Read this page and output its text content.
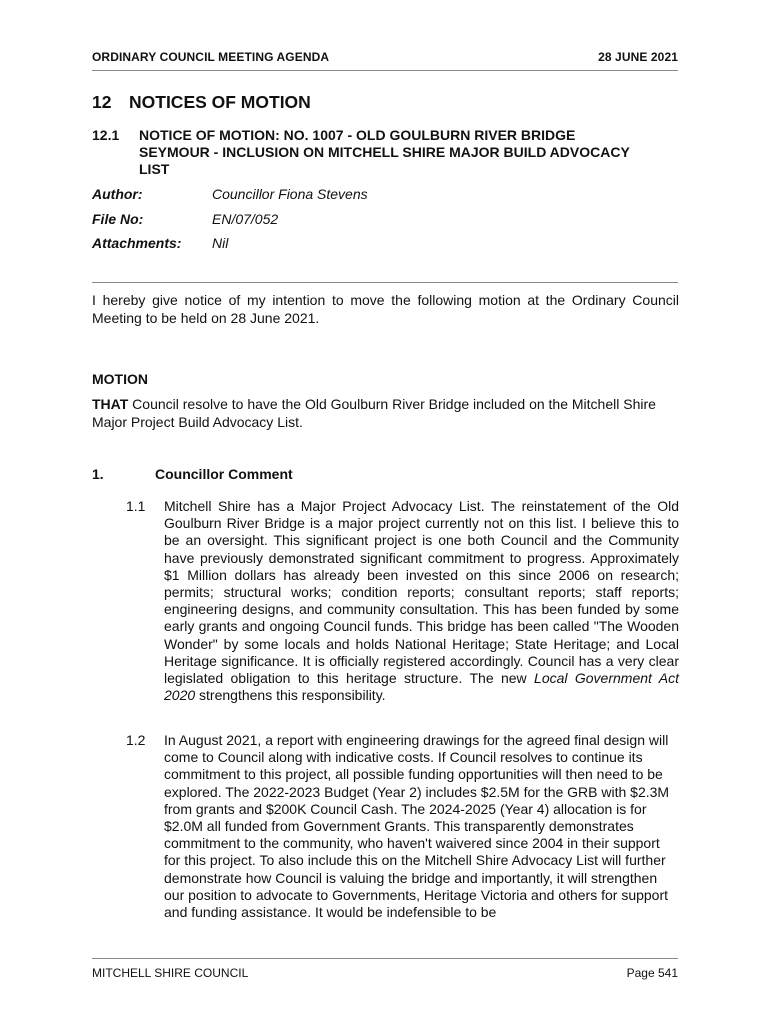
ORDINARY COUNCIL MEETING AGENDA	28 JUNE 2021
12 NOTICES OF MOTION
12.1 NOTICE OF MOTION: NO. 1007 - OLD GOULBURN RIVER BRIDGE SEYMOUR - INCLUSION ON MITCHELL SHIRE MAJOR BUILD ADVOCACY LIST
Author:	Councillor Fiona Stevens
File No:	EN/07/052
Attachments: Nil
I hereby give notice of my intention to move the following motion at the Ordinary Council Meeting to be held on 28 June 2021.
MOTION
THAT Council resolve to have the Old Goulburn River Bridge included on the Mitchell Shire Major Project Build Advocacy List.
1.	Councillor Comment
1.1 Mitchell Shire has a Major Project Advocacy List. The reinstatement of the Old Goulburn River Bridge is a major project currently not on this list. I believe this to be an oversight. This significant project is one both Council and the Community have previously demonstrated significant commitment to progress. Approximately $1 Million dollars has already been invested on this since 2006 on research; permits; structural works; condition reports; consultant reports; staff reports; engineering designs, and community consultation. This has been funded by some early grants and ongoing Council funds. This bridge has been called "The Wooden Wonder" by some locals and holds National Heritage; State Heritage; and Local Heritage significance. It is officially registered accordingly. Council has a very clear legislated obligation to this heritage structure. The new Local Government Act 2020 strengthens this responsibility.
1.2 In August 2021, a report with engineering drawings for the agreed final design will come to Council along with indicative costs. If Council resolves to continue its commitment to this project, all possible funding opportunities will then need to be explored. The 2022-2023 Budget (Year 2) includes $2.5M for the GRB with $2.3M from grants and $200K Council Cash. The 2024-2025 (Year 4) allocation is for $2.0M all funded from Government Grants. This transparently demonstrates commitment to the community, who haven't waivered since 2004 in their support for this project. To also include this on the Mitchell Shire Advocacy List will further demonstrate how Council is valuing the bridge and importantly, it will strengthen our position to advocate to Governments, Heritage Victoria and others for support and funding assistance. It would be indefensible to be
MITCHELL SHIRE COUNCIL	Page 541
